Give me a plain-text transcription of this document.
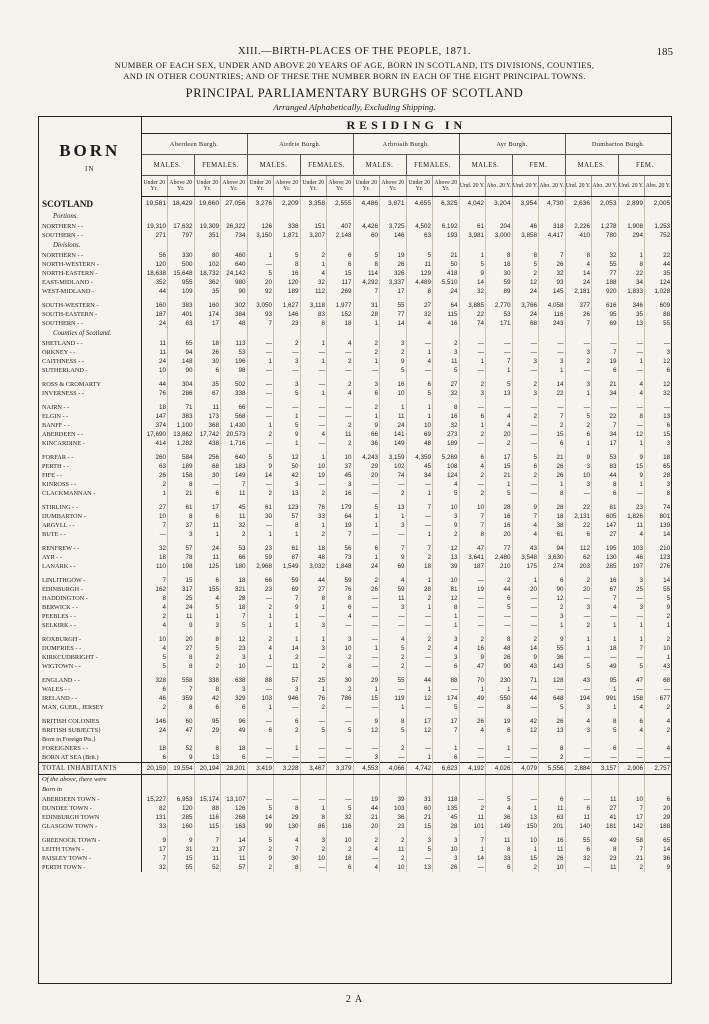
XIII.—BIRTH-PLACES OF THE PEOPLE, 1871.	185
NUMBER OF EACH SEX, UNDER AND ABOVE 20 YEARS OF AGE, BORN IN SCOTLAND, ITS DIVISIONS, COUNTIES,
AND IN OTHER COUNTRIES; AND OF THESE THE NUMBER BORN IN EACH OF THE EIGHT PRINCIPAL TOWNS.
PRINCIPAL PARLIAMENTARY BURGHS OF SCOTLAND
Arranged Alphabetically, Excluding Shipping.
BORN
IN	RESIDING IN																			
	Aberdeen Burgh.				Airdrie Burgh.				Arbroath Burgh.				Ayr Burgh.				Dumbarton Burgh.			
	MALES.		FEMALES.		MALES.		FEMALES.		MALES.		FEMALES.		MALES.		FEM.		MALES.		FEM.	
	Under 20 Yr.	Above 20 Yr.	Under 20 Yr.	Above 20 Yr.	Under 20 Yr.	Above 20 Yr.	Under 20 Yr.	Above 20 Yr.	Under 20 Yr.	Above 20 Yr.	Under 20 Yr.	Above 20 Yr.	Und. 20 Y.	Abo. 20 Y.	Und. 20 Y.	Abo. 20 Y.	Und. 20 Y.	Abo. 20 Y.	Und. 20 Y.	Abo. 20 Y.
SCOTLAND	19,581	18,429	19,660	27,056	3,276	2,209	3,358	2,555	4,486	3,871	4,655	6,325	4,042	3,204	3,954	4,730	2,636	2,053	2,899	2,005
Portions.																				
NORTHERN - -	19,310	17,632	19,309	26,322	126	338	151	407	4,426	3,725	4,502	6,192	61	204	46	318	2,226	1,278	1,908	1,253
SOUTHERN - -	271	797	351	734	3,150	1,871	3,207	2,148	60	146	63	193	3,981	3,000	3,858	4,417	410	780	294	752
Divisions.																				
NORTHERN - -	56	330	80	460	1	5	2	6	5	19	5	21	1	8	8	7	8	32	1	22
NORTH-WESTERN -	120	500	102	640	—	8	1	6	8	26	11	50	5	18	5	26	4	55	8	44
NORTH-EASTERN -	18,638	15,648	18,732	24,142	5	16	4	15	114	326	129	418	9	30	2	32	14	77	22	35
EAST-MIDLAND -	352	955	362	980	20	120	32	117	4,292	3,337	4,489	5,510	14	59	12	93	24	188	34	124
WEST-MIDLAND -	44	109	35	90	92	189	112	269	7	17	8	24	32	89	24	145	2,181	920	1,833	1,028

SOUTH-WESTERN -	160	383	160	302	3,050	1,627	3,118	1,977	31	55	27	64	3,885	2,770	3,766	4,058	377	616	346	609
SOUTH-EASTERN -	187	401	174	384	93	146	83	152	28	77	32	115	22	53	24	116	26	95	35	88
SOUTHERN - -	24	63	17	48	7	23	6	18	1	14	4	16	74	171	68	243	7	69	13	55
Counties of Scotland.																				
SHETLAND - -	11	65	18	113	—	2	1	4	2	3	—	2	—	—	—	—	—	—	—	—
ORKNEY - -	11	94	26	53	—	—	—	—	2	2	1	3	—	—	—	—	3	7	—	3
CAITHNESS - -	24	148	30	196	1	3	1	2	1	9	4	11	1	7	3	3	2	19	1	12
SUTHERLAND -	10	90	6	98	—	—	—	—	—	5	—	5	—	1	—	1	—	6	—	6

ROSS & CROMARTY	44	304	35	502	—	3	—	2	3	16	6	27	2	5	2	14	3	21	4	12
INVERNESS - -	76	286	67	338	—	5	1	4	6	10	5	32	3	13	3	22	1	34	4	32

NAIRN - -	18	71	11	66	—	—	—	—	2	1	1	8	—	—	—	—	—	—	—	—
ELGIN - -	147	383	173	568	—	1	—	—	1	11	1	16	6	4	2	7	5	22	8	13
BANFF - -	374	1,100	368	1,430	1	5	—	2	9	24	10	32	1	4	—	2	2	7	—	6
ABERDEEN - -	17,690	13,862	17,742	20,573	2	9	4	11	66	141	69	273	2	20	—	15	6	34	12	15
KINCARDINE -	414	1,282	438	1,716	—	1	—	2	36	149	48	189	—	2	—	6	1	17	1	3

FORFAR - -	260	584	256	640	5	12	1	10	4,243	3,159	4,359	5,269	6	17	5	21	9	53	9	18
PERTH - -	63	189	68	183	9	50	10	37	29	102	45	108	4	15	6	26	3	83	15	65
FIFE - -	26	158	30	149	14	42	19	45	20	74	34	124	2	21	2	26	10	44	9	28
KINROSS - -	2	8	—	7	—	3	—	3	—	—	—	4	—	1	—	1	3	8	1	3
CLACKMANNAN -	1	21	6	11	2	13	2	16	—	2	1	5	2	5	—	8	—	6	—	8

STIRLING - -	27	61	17	45	61	123	76	179	5	13	7	10	10	28	9	28	22	81	23	74
DUMBARTON -	10	8	6	11	30	57	33	64	1	1	—	3	7	16	7	18	2,131	605	1,826	801
ARGYLL - -	7	37	11	32	—	8	1	19	1	3	—	9	7	16	4	38	22	147	11	139
BUTE - -	—	3	1	2	1	1	2	7	—	—	1	2	8	20	4	61	6	27	4	14

RENFREW - -	32	57	24	53	23	61	18	56	6	7	7	12	47	77	43	94	112	195	103	210
AYR - -	18	78	11	66	59	87	48	73	1	9	2	13	3,641	2,480	3,548	3,630	62	130	46	123
LANARK - -	110	198	125	180	2,968	1,549	3,032	1,848	24	69	18	39	187	210	175	274	203	285	197	276

LINLITHGOW -	7	15	6	18	66	59	44	59	2	4	1	10	—	2	1	6	2	16	3	14
EDINBURGH -	162	317	155	321	23	69	27	76	26	59	28	81	19	44	20	90	20	67	25	55
HADDINGTON -	8	25	4	28	—	7	8	8	—	11	2	12	—	6	—	12	—	7	—	5
BERWICK - -	4	24	5	18	2	9	1	6	—	3	1	8	—	5	—	2	3	4	3	9
PEEBLES - -	2	11	1	7	1	1	—	4	—	—	—	1	—	—	—	3	—	—	—	2
SELKIRK - -	4	9	3	5	1	1	3	—	—	—	—	1	—	—	—	1	2	1	1	1

ROXBURGH -	10	20	8	12	2	1	1	3	—	4	2	3	2	8	2	9	1	1	1	2
DUMFRIES - -	4	27	5	23	4	14	3	10	1	5	2	4	16	48	14	55	1	18	7	10
KIRKCUDBRIGHT -	5	8	2	3	1	2	—	2	—	2	—	3	9	26	9	36	—	—	—	1
WIGTOWN - -	5	8	2	10	—	11	2	8	—	2	—	6	47	90	43	143	5	49	5	43

ENGLAND - -	328	558	338	638	88	57	25	30	29	55	44	88	70	230	71	128	43	95	47	68
WALES - -	6	7	8	3	—	3	1	2	1	—	1	—	1	1	—	—	—	1	—	—
IRELAND - -	46	359	42	329	103	946	76	786	15	119	12	174	49	550	44	648	194	991	158	677
MAN, GUER., JERSEY	2	8	6	6	1	—	2	—	—	1	—	5	—	8	—	5	3	1	4	2

BRITISH COLONIES	146	60	95	96	—	6	—	—	9	8	17	17	26	19	42	26	4	8	6	4
BRITISH SUBJECTS}	24	47	29	49	6	2	5	5	12	5	12	7	4	6	12	13	3	5	4	2
Born in Foreign Pts.}																				
FOREIGNERS - -	18	52	8	18	—	1	—	—	—	2	—	1	—	1	—	8	—	6	—	4
BORN AT SEA (Brit.)	6	9	13	6	—	—	—	—	3	—	1	6	—	—	—	2	—	—	—	—
TOTAL INHABITANTS	20,159	19,554	20,194	28,201	3,419	3,228	3,467	3,379	4,553	4,066	4,742	6,623	4,192	4,026	4,079	5,556	2,884	3,157	2,906	2,757
Of the above, there were																				
Born in																				
ABERDEEN TOWN -	15,227	6,953	15,174	13,107	—	—	—	—	19	39	31	118	—	5	—	6	—	11	10	6
DUNDEE TOWN -	82	120	88	126	5	8	1	5	44	103	60	135	2	4	1	11	6	27	7	20
EDINBURGH TOWN	131	285	116	268	14	29	8	32	21	36	21	45	11	36	13	63	11	41	17	29
GLASGOW TOWN -	33	160	115	163	99	130	86	116	20	23	15	28	101	149	150	201	140	181	142	188

GREENOCK TOWN -	9	9	7	14	5	4	3	10	2	2	3	3	7	11	10	16	55	49	58	65
LEITH TOWN -	17	31	21	37	2	7	2	2	4	11	5	10	1	8	1	11	6	8	7	14
PAISLEY TOWN -	7	15	11	11	9	30	10	18	—	2	—	3	14	33	15	26	32	23	21	36
PERTH TOWN -	32	55	52	57	2	8	—	6	4	10	13	26	—	6	2	10	—	11	2	9
2 A
